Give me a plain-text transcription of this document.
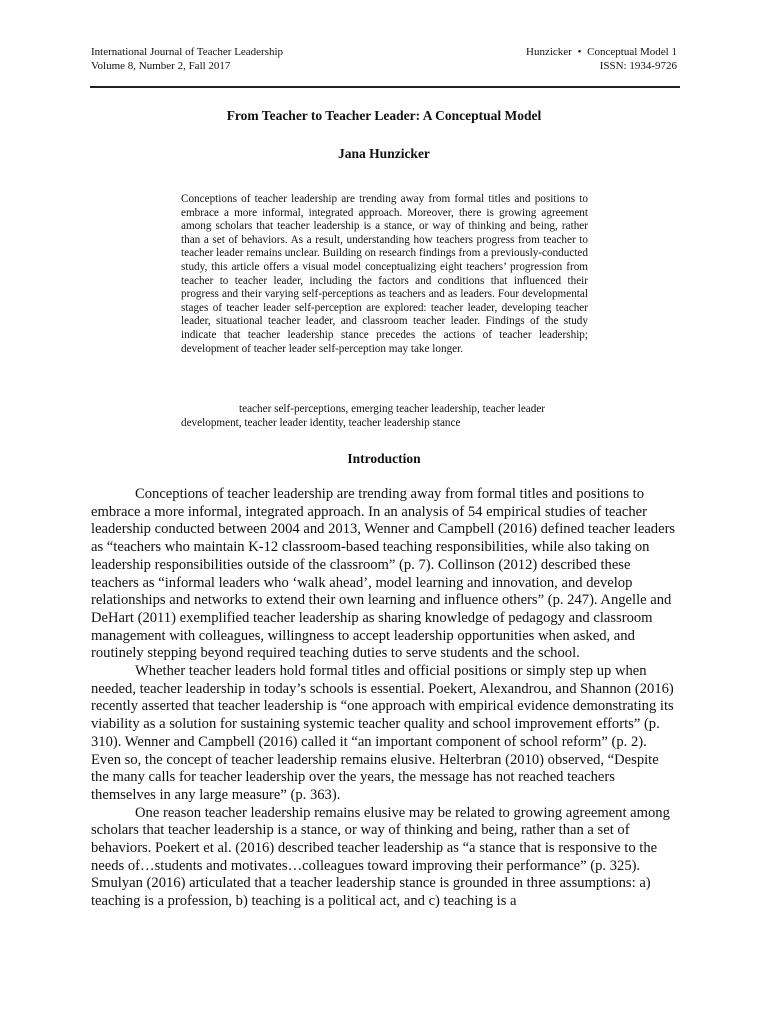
International Journal of Teacher Leadership
Volume 8, Number 2, Fall 2017
Hunzicker • Conceptual Model 1
ISSN: 1934-9726
From Teacher to Teacher Leader: A Conceptual Model
Jana Hunzicker

Conceptions of teacher leadership are trending away from formal titles and positions to embrace a more informal, integrated approach. Moreover, there is growing agreement among scholars that teacher leadership is a stance, or way of thinking and being, rather than a set of behaviors. As a result, understanding how teachers progress from teacher to teacher leader remains unclear. Building on research findings from a previously-conducted study, this article offers a visual model conceptualizing eight teachers’ progression from teacher to teacher leader, including the factors and conditions that influenced their progress and their varying self-perceptions as teachers and as leaders. Four developmental stages of teacher leader self-perception are explored: teacher leader, developing teacher leader, situational teacher leader, and classroom teacher leader. Findings of the study indicate that teacher leadership stance precedes the actions of teacher leadership; development of teacher leader self-perception may take longer.

teacher self-perceptions, emerging teacher leadership, teacher leader development, teacher leader identity, teacher leadership stance

Introduction

Conceptions of teacher leadership are trending away from formal titles and positions to embrace a more informal, integrated approach. In an analysis of 54 empirical studies of teacher leadership conducted between 2004 and 2013, Wenner and Campbell (2016) defined teacher leaders as “teachers who maintain K-12 classroom-based teaching responsibilities, while also taking on leadership responsibilities outside of the classroom” (p. 7). Collinson (2012) described these teachers as “informal leaders who ‘walk ahead’, model learning and innovation, and develop relationships and networks to extend their own learning and influence others” (p. 247). Angelle and DeHart (2011) exemplified teacher leadership as sharing knowledge of pedagogy and classroom management with colleagues, willingness to accept leadership opportunities when asked, and routinely stepping beyond required teaching duties to serve students and the school.

Whether teacher leaders hold formal titles and official positions or simply step up when needed, teacher leadership in today’s schools is essential. Poekert, Alexandrou, and Shannon (2016) recently asserted that teacher leadership is “one approach with empirical evidence demonstrating its viability as a solution for sustaining systemic teacher quality and school improvement efforts” (p. 310). Wenner and Campbell (2016) called it “an important component of school reform” (p. 2). Even so, the concept of teacher leadership remains elusive. Helterbran (2010) observed, “Despite the many calls for teacher leadership over the years, the message has not reached teachers themselves in any large measure” (p. 363).

One reason teacher leadership remains elusive may be related to growing agreement among scholars that teacher leadership is a stance, or way of thinking and being, rather than a set of behaviors. Poekert et al. (2016) described teacher leadership as “a stance that is responsive to the needs of…students and motivates…colleagues toward improving their performance” (p. 325). Smulyan (2016) articulated that a teacher leadership stance is grounded in three assumptions: a) teaching is a profession, b) teaching is a political act, and c) teaching is a
